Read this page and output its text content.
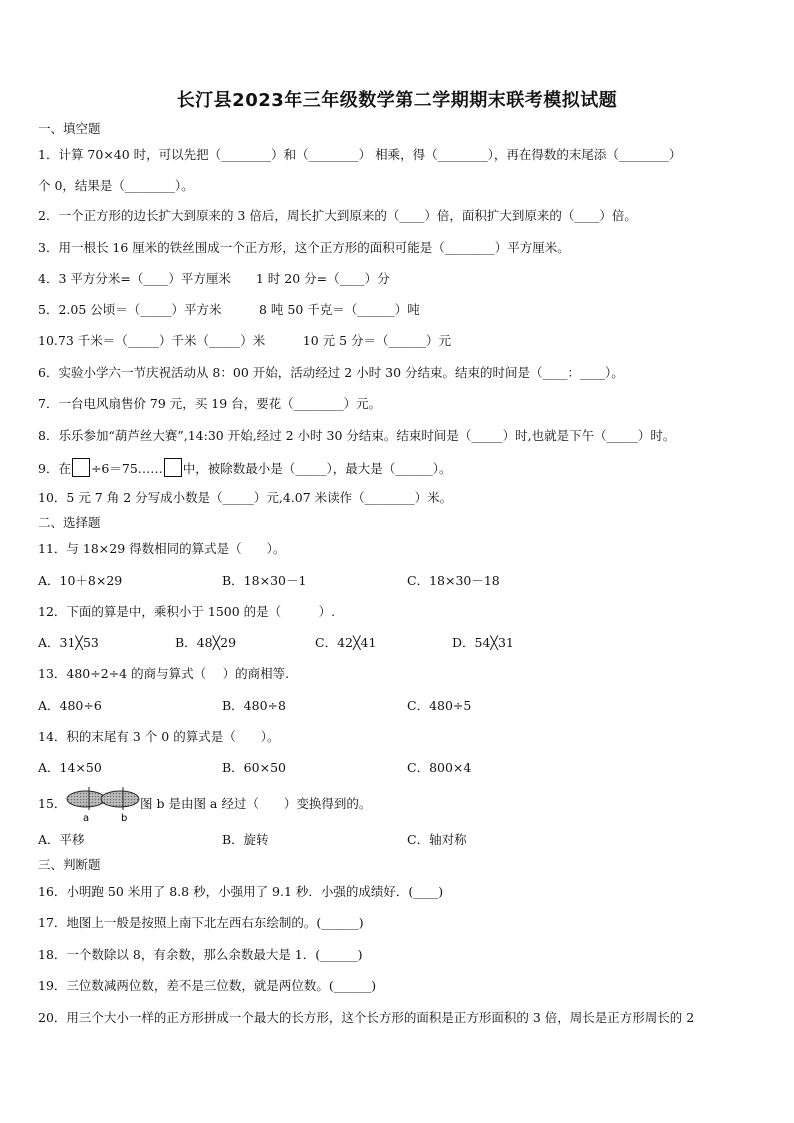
长汀县2023年三年级数学第二学期期末联考模拟试题
一、填空题
1．计算 70×40 时，可以先把（________）和（________） 相乘，得（________），再在得数的末尾添（________）
个 0，结果是（________）。
2．一个正方形的边长扩大到原来的 3 倍后，周长扩大到原来的（____）倍，面积扩大到原来的（____）倍。
3．用一根长 16 厘米的铁丝围成一个正方形，这个正方形的面积可能是（________）平方厘米。
4．3 平方分米=（____）平方厘米　　1 时 20 分=（____）分
5．2.05 公顷＝（_____）平方米　　　8 吨 50 千克＝（______）吨
10.73 千米＝（_____）千米（_____）米　　　10 元 5 分＝（______）元
6．实验小学六一节庆祝活动从 8：00 开始，活动经过 2 小时 30 分结束。结束的时间是（____：____）。
7．一台电风扇售价 79 元，买 19 台，要花（________）元。
8．乐乐参加“葫芦丝大赛”,14:30 开始,经过 2 小时 30 分结束。结束时间是（_____）时,也就是下午（_____）时。
9．在 ÷6＝75…… 中，被除数最小是（_____），最大是（______）。
10．5 元 7 角 2 分写成小数是（_____）元,4.07 米读作（________）米。
二、选择题
11．与 18×29 得数相同的算式是（　　）。
A．10＋8×29	B．18×30－1	C．18×30－18
12．下面的算是中，乘积小于 1500 的是（　　　）.
A．31╳53	B．48╳29	C．42╳41	D．54╳31
13．480÷2÷4 的商与算式（　 ）的商相等.
A．480÷6	B．480÷8	C．480÷5
14．积的末尾有 3 个 0 的算式是（　　）。
A．14×50	B．60×50	C．800×4
15．
a	b
图 b 是由图 a 经过（　　）变换得到的。
A．平移	B．旋转	C．轴对称
三、判断题
16．小明跑 50 米用了 8.8 秒，小强用了 9.1 秒．小强的成绩好．(____)
17．地图上一般是按照上南下北左西右东绘制的。(______)
18．一个数除以 8，有余数，那么余数最大是 1．(______)
19．三位数减两位数，差不是三位数，就是两位数。(______)
20．用三个大小一样的正方形拼成一个最大的长方形，这个长方形的面积是正方形面积的 3 倍，周长是正方形周长的 2
